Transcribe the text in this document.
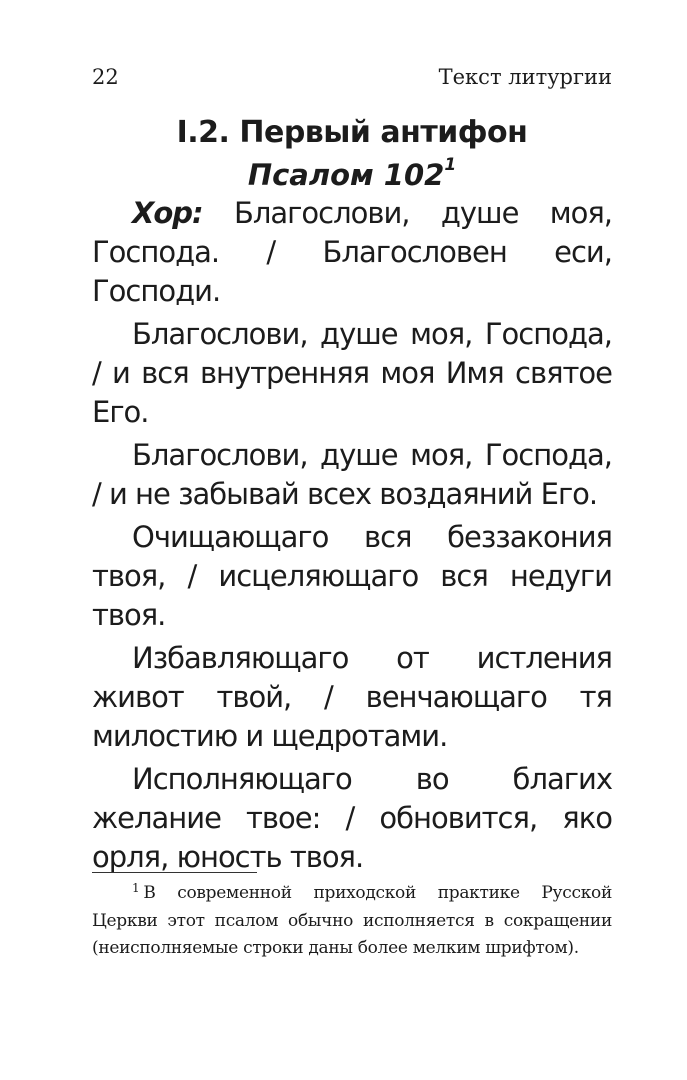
22	Текст литургии
I.2. Первый антифон
Псалом $102^1$

Хор: Благослови, душе моя, Господа. / Благословен еси, Господи.

Благослови, душе моя, Господа, / и вся внутренняя моя Имя святое Его.

Благослови, душе моя, Господа, / и не забывай всех воздаяний Его.

Очищающаго вся беззакония твоя, / исцеляющаго вся недуги твоя.

Избавляющаго от истления живот твой, / венчающаго тя милостию и щедротами.

Исполняющаго во благих желание твое: / обновится, яко орля, юность твоя.

$^1$ В современной приходской практике Русской Церкви этот псалом обычно исполняется в сокращении (неисполняемые строки даны более мелким шрифтом).
